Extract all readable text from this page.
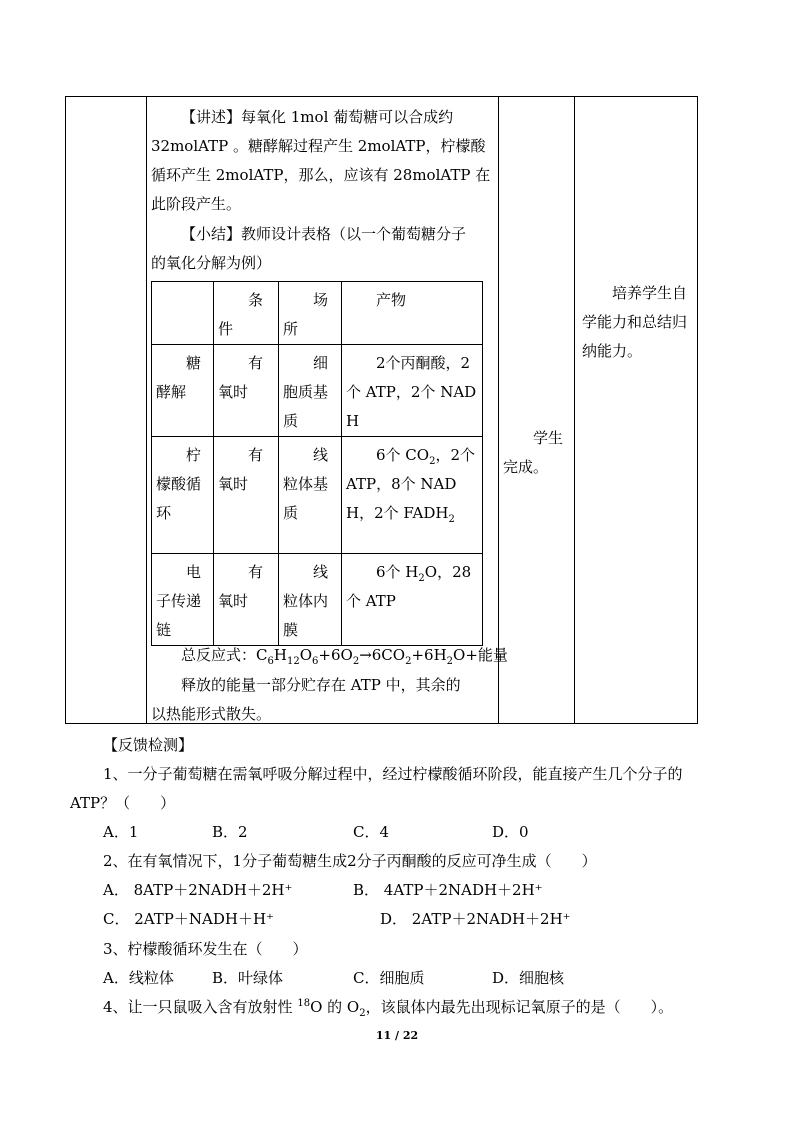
  【讲述】每氧化 1mol 葡萄糖可以合成约
32molATP 。糖酵解过程产生 2molATP，柠檬酸
循环产生 2molATP，那么，应该有 28molATP 在
此阶段产生。
  【小结】教师设计表格（以一个葡萄糖分子
的氧化分解为例）

	条件	场所	产物

糖酵解	有氧时	细胞质基质	2个丙酮酸，2个 ATP，2个 NADH

柠檬酸循环	有氧时	线粒体基质	6个 $CO_2$，2个 ATP，8个 NADH，2个 $FADH_2$

电子传递链	有氧时	线粒体内膜	6个 $H_2O$，28个 ATP
  总反应式：$C_6H_{12}O_6+6O_2\to 6CO_2+6H_2O+$能量
  释放的能量一部分贮存在 ATP 中，其余的
以热能形式散失。
学生完成。
培养学生自学能力和总结归纳能力。
【反馈检测】
1、一分子葡萄糖在需氧呼吸分解过程中，经过柠檬酸循环阶段，能直接产生几个分子的
ATP？（　　）
A．1	B．2	C．4	D．0
2、在有氧情况下，1分子葡萄糖生成2分子丙酮酸的反应可净生成（　　）
A． 8ATP＋2NADH＋2H⁺	B． 4ATP＋2NADH＋2H⁺
C． 2ATP＋NADH＋H⁺	D． 2ATP＋2NADH＋2H⁺
3、柠檬酸循环发生在（　　）
A．线粒体	B．叶绿体	C．细胞质	D．细胞核
4、让一只鼠吸入含有放射性 $^{18}$O 的 $O_2$，该鼠体内最先出现标记氧原子的是（　　）。
11 / 22
